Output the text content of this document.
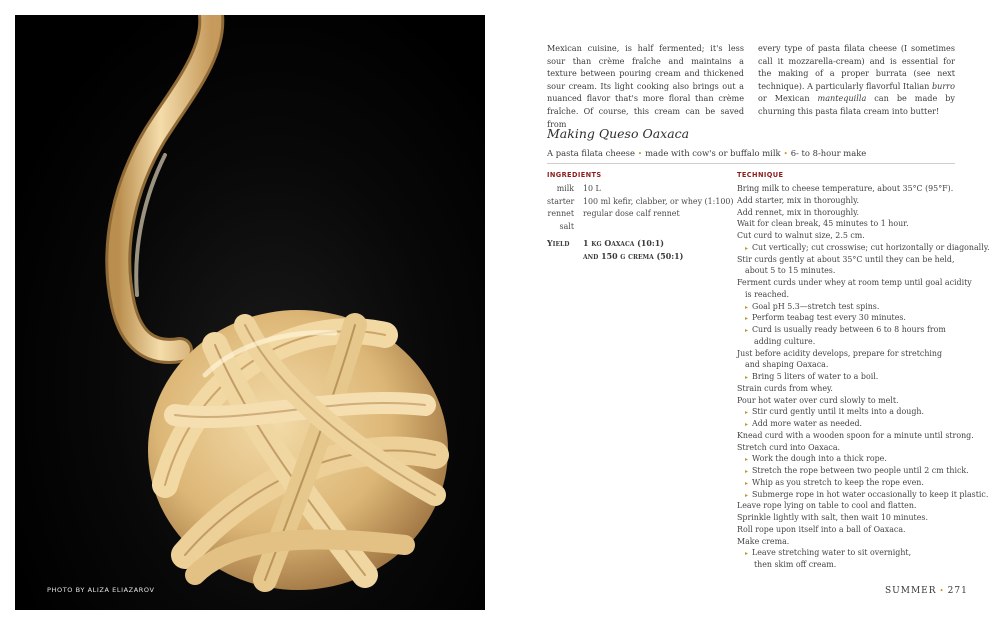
PHOTO BY ALIZA ELIAZAROV

Mexican cuisine, is half fermented; it's less sour than crème fraîche and maintains a texture between pouring cream and thickened sour cream. Its light cooking also brings out a nuanced flavor that's more floral than crème fraîche. Of course, this cream can be saved from

every type of pasta filata cheese (I sometimes call it mozzarella-cream) and is essential for the making of a proper burrata (see next technique). A particularly flavorful Italian burro or Mexican mantequilla can be made by churning this pasta filata cream into butter!

Making Queso Oaxaca
A pasta filata cheese • made with cow's or buffalo milk • 6- to 8-hour make
INGREDIENTS	TECHNIQUE
milk	10 L
starter	100 ml kefir, clabber, or whey (1:100)
rennet	regular dose calf rennet
salt
Yield	1 kg Oaxaca (10:1)
and 150 g crema (50:1)
Bring milk to cheese temperature, about 35°C (95°F).
Add starter, mix in thoroughly.
Add rennet, mix in thoroughly.
Wait for clean break, 45 minutes to 1 hour.
Cut curd to walnut size, 2.5 cm.
▸ Cut vertically; cut crosswise; cut horizontally or diagonally.
Stir curds gently at about 35°C until they can be held,
about 5 to 15 minutes.
Ferment curds under whey at room temp until goal acidity
is reached.
▸ Goal pH 5.3—stretch test spins.
▸ Perform teabag test every 30 minutes.
▸ Curd is usually ready between 6 to 8 hours from
adding culture.
Just before acidity develops, prepare for stretching
and shaping Oaxaca.
▸ Bring 5 liters of water to a boil.
Strain curds from whey.
Pour hot water over curd slowly to melt.
▸ Stir curd gently until it melts into a dough.
▸ Add more water as needed.
Knead curd with a wooden spoon for a minute until strong.
Stretch curd into Oaxaca.
▸ Work the dough into a thick rope.
▸ Stretch the rope between two people until 2 cm thick.
▸ Whip as you stretch to keep the rope even.
▸ Submerge rope in hot water occasionally to keep it plastic.
Leave rope lying on table to cool and flatten.
Sprinkle lightly with salt, then wait 10 minutes.
Roll rope upon itself into a ball of Oaxaca.
Make crema.
▸ Leave stretching water to sit overnight,
then skim off cream.
SUMMER • 271
